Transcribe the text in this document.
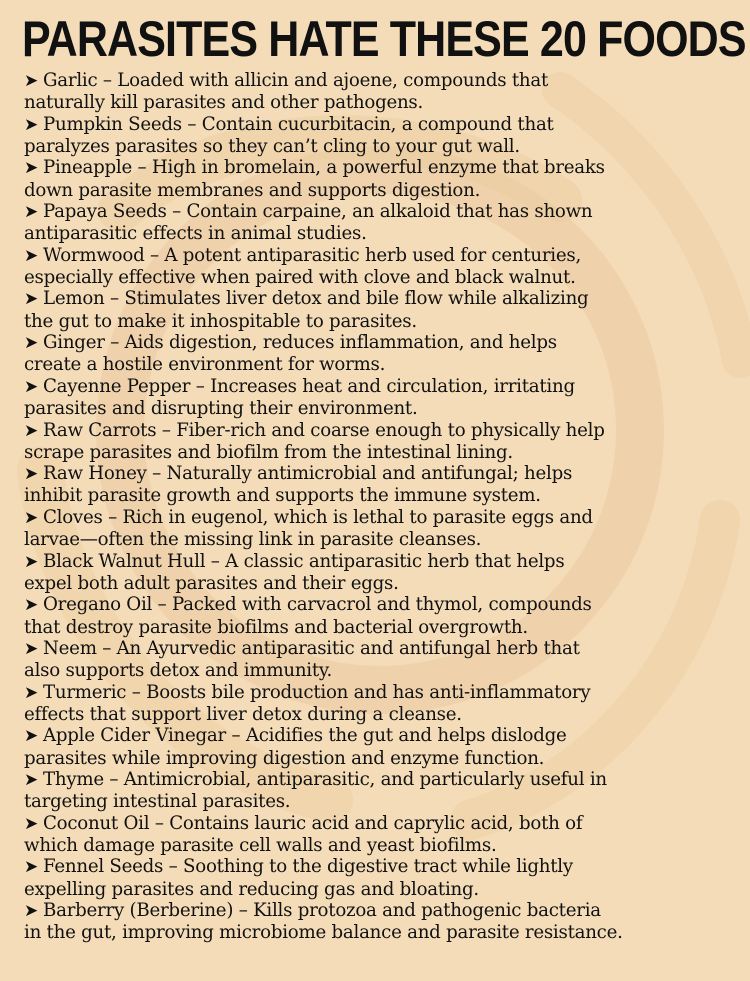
PARASITES HATE THESE 20 FOODS
➤ Garlic – Loaded with allicin and ajoene, compounds that
naturally kill parasites and other pathogens.
➤ Pumpkin Seeds – Contain cucurbitacin, a compound that
paralyzes parasites so they can’t cling to your gut wall.
➤ Pineapple – High in bromelain, a powerful enzyme that breaks
down parasite membranes and supports digestion.
➤ Papaya Seeds – Contain carpaine, an alkaloid that has shown
antiparasitic effects in animal studies.
➤ Wormwood – A potent antiparasitic herb used for centuries,
especially effective when paired with clove and black walnut.
➤ Lemon – Stimulates liver detox and bile flow while alkalizing
the gut to make it inhospitable to parasites.
➤ Ginger – Aids digestion, reduces inflammation, and helps
create a hostile environment for worms.
➤ Cayenne Pepper – Increases heat and circulation, irritating
parasites and disrupting their environment.
➤ Raw Carrots – Fiber-rich and coarse enough to physically help
scrape parasites and biofilm from the intestinal lining.
➤ Raw Honey – Naturally antimicrobial and antifungal; helps
inhibit parasite growth and supports the immune system.
➤ Cloves – Rich in eugenol, which is lethal to parasite eggs and
larvae—often the missing link in parasite cleanses.
➤ Black Walnut Hull – A classic antiparasitic herb that helps
expel both adult parasites and their eggs.
➤ Oregano Oil – Packed with carvacrol and thymol, compounds
that destroy parasite biofilms and bacterial overgrowth.
➤ Neem – An Ayurvedic antiparasitic and antifungal herb that
also supports detox and immunity.
➤ Turmeric – Boosts bile production and has anti-inflammatory
effects that support liver detox during a cleanse.
➤ Apple Cider Vinegar – Acidifies the gut and helps dislodge
parasites while improving digestion and enzyme function.
➤ Thyme – Antimicrobial, antiparasitic, and particularly useful in
targeting intestinal parasites.
➤ Coconut Oil – Contains lauric acid and caprylic acid, both of
which damage parasite cell walls and yeast biofilms.
➤ Fennel Seeds – Soothing to the digestive tract while lightly
expelling parasites and reducing gas and bloating.
➤ Barberry (Berberine) – Kills protozoa and pathogenic bacteria
in the gut, improving microbiome balance and parasite resistance.
